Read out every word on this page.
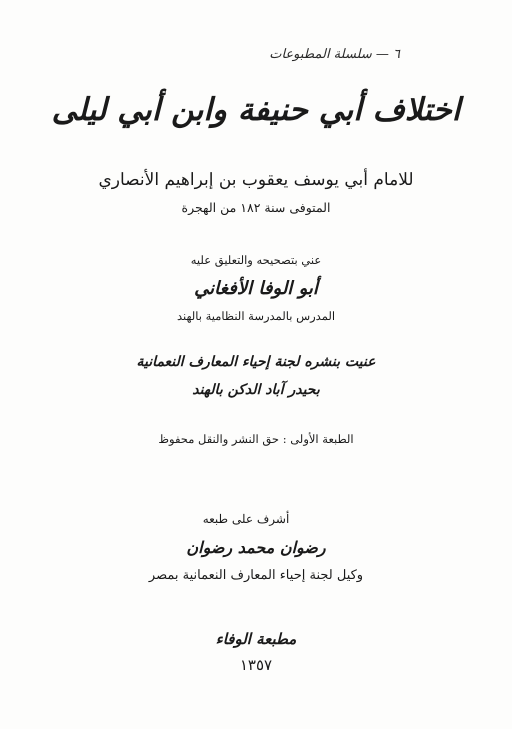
٦ — سلسلة المطبوعات
اختلاف أبي حنيفة وابن أبي ليلى
للامام أبي يوسف يعقوب بن إبراهيم الأنصاري
المتوفى سنة ١٨٢ من الهجرة
عني بتصحيحه والتعليق عليه
أبو الوفا الأفغاني
المدرس بالمدرسة النظامية بالهند
عنيت بنشره لجنة إحياء المعارف النعمانية
بحيدر آباد الدكن بالهند
الطبعة الأولى : حق النشر والنقل محفوظ
أشرف على طبعه
رضوان محمد رضوان
وكيل لجنة إحياء المعارف النعمانية بمصر
مطبعة الوفاء
١٣٥٧
